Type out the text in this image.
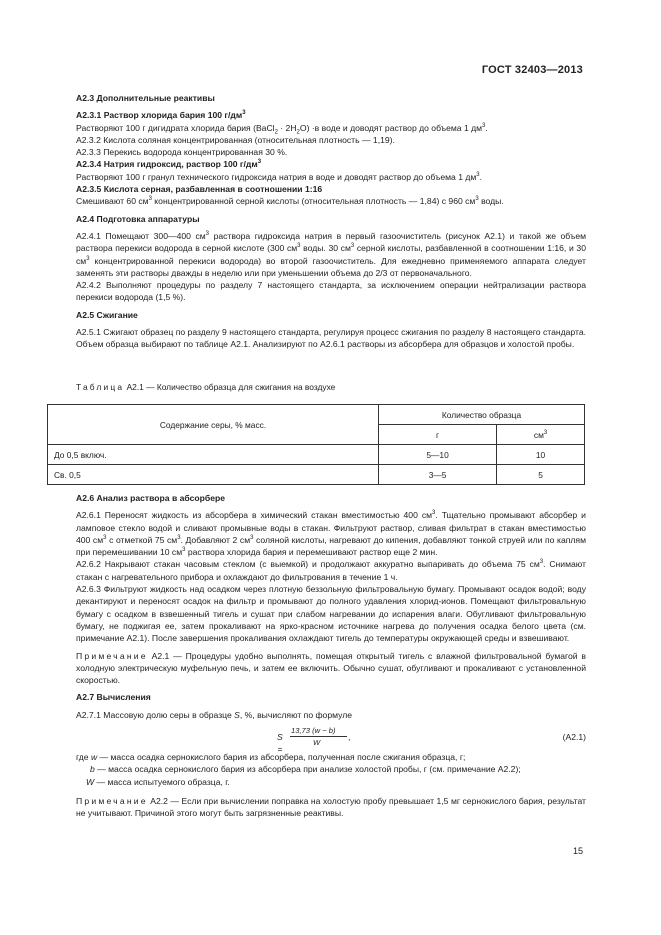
ГОСТ 32403—2013

А2.3 Дополнительные реактивы

А2.3.1 Раствор хлорида бария 100 $г/дм^3$

Растворяют 100 г дигидрата хлорида бария (BaCl$_2$ · $2H_2O) \cdot в$ воде и доводят раствор до объема 1 $дм^3$.

А2.3.2 Кислота соляная концентрированная (относительная плотность — 1,19).

А2.3.3 Перекись водорода концентрированная 30 %.

А2.3.4 Натрия гидроксид, раствор 100 $г/дм^3$

Растворяют 100 г гранул технического гидроксида натрия в воде и доводят раствор до объема 1 $дм^3$.

А2.3.5 Кислота серная, разбавленная в соотношении 1:16

Смешивают 60 $см^3$ концентрированной серной кислоты (относительная плотность — 1,84) с 960 $см^3$ воды.

А2.4 Подготовка аппаратуры

А2.4.1 Помещают 300—400 $см^3$ раствора гидроксида натрия в первый газоочиститель (рисунок А2.1) и такой же объем раствора перекиси водорода в серной кислоте (300 $см^3$ воды. 30 $см^3$ серной кислоты, разбавленной в соотношении 1:16, и 30 $см^3$ концентрированной перекиси водорода) во второй газоочиститель. Для ежедневно применяемого аппарата следует заменять эти растворы дважды в неделю или при уменьшении объема до 2/3 от первоначального.

А2.4.2 Выполняют процедуры по разделу 7 настоящего стандарта, за исключением операции нейтрализации раствора перекиси водорода (1,5 %).

А2.5 Сжигание

А2.5.1 Сжигают образец по разделу 9 настоящего стандарта, регулируя процесс сжигания по разделу 8 настоящего стандарта. Объем образца выбирают по таблице А2.1. Анализируют по А2.6.1 растворы из абсорбера для образцов и холостой пробы.

Таблица А2.1 — Количество образца для сжигания на воздухе
Содержание серы, % масс.	Количество образца	
	г	$см^3$
До 0,5 включ.	5—10	10
Св. 0,5	3—5	5

А2.6 Анализ раствора в абсорбере

А2.6.1 Переносят жидкость из абсорбера в химический стакан вместимостью 400 $см^3$. Тщательно промывают абсорбер и ламповое стекло водой и сливают промывные воды в стакан. Фильтруют раствор, сливая фильтрат в стакан вместимостью 400 $см^3$ с отметкой 75 $см^3$. Добавляют 2 $см^3$ соляной кислоты, нагревают до кипения, добавляют тонкой струей или по каплям при перемешивании 10 $см^3$ раствора хлорида бария и перемешивают раствор еще 2 мин.

А2.6.2 Накрывают стакан часовым стеклом (с выемкой) и продолжают аккуратно выпаривать до объема 75 $см^3$. Снимают стакан с нагревательного прибора и охлаждают до фильтрования в течение 1 ч.

А2.6.3 Фильтруют жидкость над осадком через плотную беззольную фильтровальную бумагу. Промывают осадок водой; воду декантируют и переносят осадок на фильтр и промывают до полного удавления хлорид-ионов. Помещают фильтровальную бумагу с осадком в взвешенный тигель и сушат при слабом нагревании до испарения влаги. Обугливают фильтровальную бумагу, не поджигая ее, затем прокаливают на ярко-красном источнике нагрева до получения осадка белого цвета (см. примечание А2.1). После завершения прокаливания охлаждают тигель до температуры окружающей среды и взвешивают.

Примечание А2.1 — Процедуры удобно выполнять, помещая открытый тигель с влажной фильтровальной бумагой в холодную электрическую муфельную печь, и затем ее включить. Обычно сушат, обугливают и прокаливают с установленной скоростью.

А2.7 Вычисления

А2.7.1 Массовую долю серы в образце S, %, вычисляют по формуле

S =
13,73 (w − b)
W
,	(А2.1)

где w — масса осадка сернокислого бария из абсорбера, полученная после сжигания образца, г;

b — масса осадка сернокислого бария из абсорбера при анализе холостой пробы, г (см. примечание А2.2);

W — масса испытуемого образца, г.

Примечание А2.2 — Если при вычислении поправка на холостую пробу превышает 1,5 мг сернокислого бария, результат не учитывают. Причиной этого могут быть загрязненные реактивы.

15
